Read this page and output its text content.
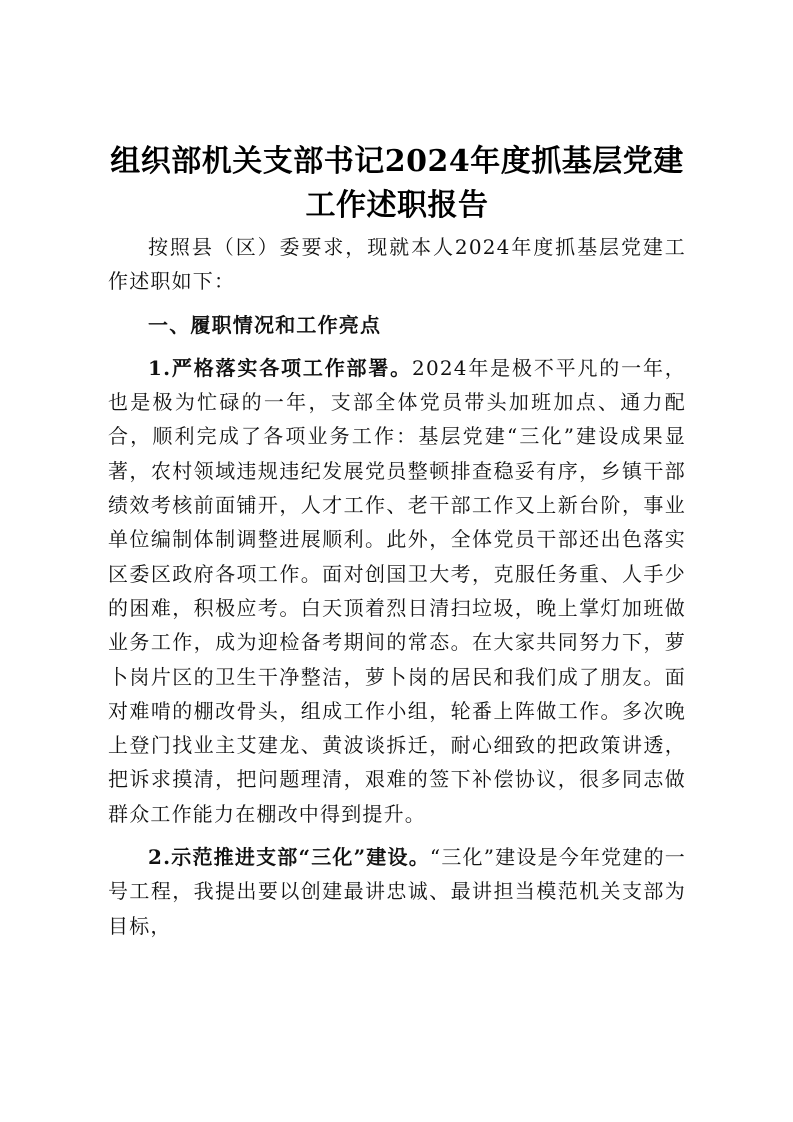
组织部机关支部书记2024年度抓基层党建工作述职报告

按照县（区）委要求，现就本人2024年度抓基层党建工作述职如下：

一、履职情况和工作亮点

1.严格落实各项工作部署。2024年是极不平凡的一年，也是极为忙碌的一年，支部全体党员带头加班加点、通力配合，顺利完成了各项业务工作：基层党建“三化”建设成果显著，农村领域违规违纪发展党员整顿排查稳妥有序，乡镇干部绩效考核前面铺开，人才工作、老干部工作又上新台阶，事业单位编制体制调整进展顺利。此外，全体党员干部还出色落实区委区政府各项工作。面对创国卫大考，克服任务重、人手少的困难，积极应考。白天顶着烈日清扫垃圾，晚上掌灯加班做业务工作，成为迎检备考期间的常态。在大家共同努力下，萝卜岗片区的卫生干净整洁，萝卜岗的居民和我们成了朋友。面对难啃的棚改骨头，组成工作小组，轮番上阵做工作。多次晚上登门找业主艾建龙、黄波谈拆迁，耐心细致的把政策讲透，把诉求摸清，把问题理清，艰难的签下补偿协议，很多同志做群众工作能力在棚改中得到提升。

2.示范推进支部“三化”建设。“三化”建设是今年党建的一号工程，我提出要以创建最讲忠诚、最讲担当模范机关支部为目标，
